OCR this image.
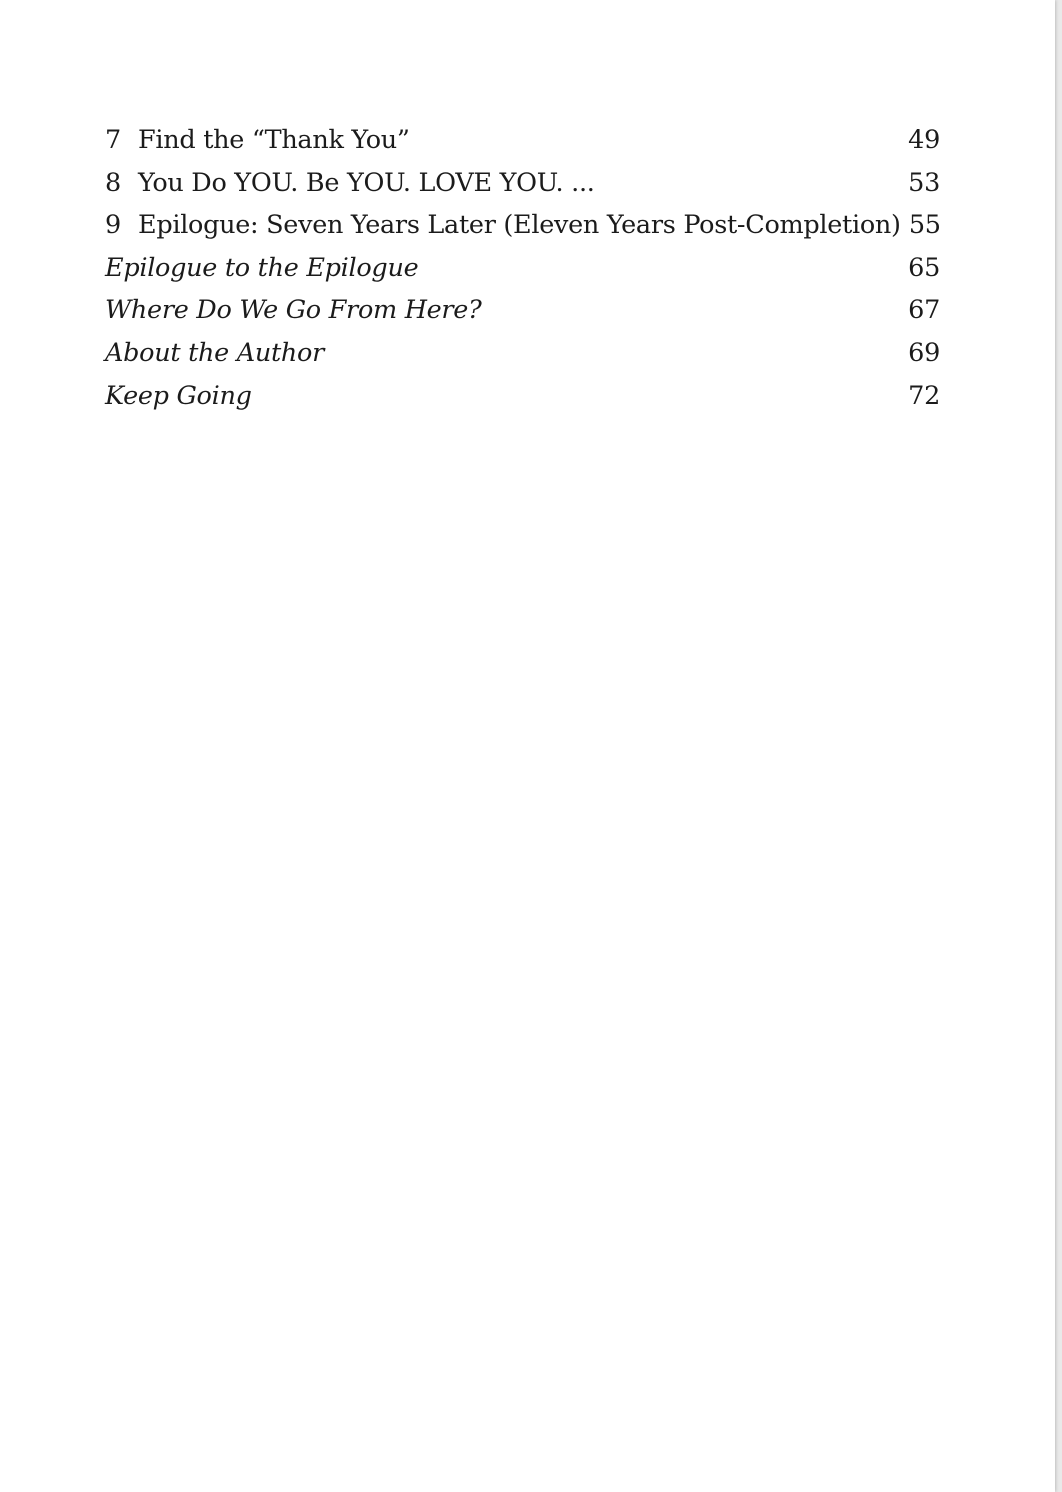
7 Find the “Thank You”	49
8 You Do YOU. Be YOU. LOVE YOU. ...	53
9 Epilogue: Seven Years Later (Eleven Years Post-Completion) 55
Epilogue to the Epilogue	65
Where Do We Go From Here?	67
About the Author	69
Keep Going	72
